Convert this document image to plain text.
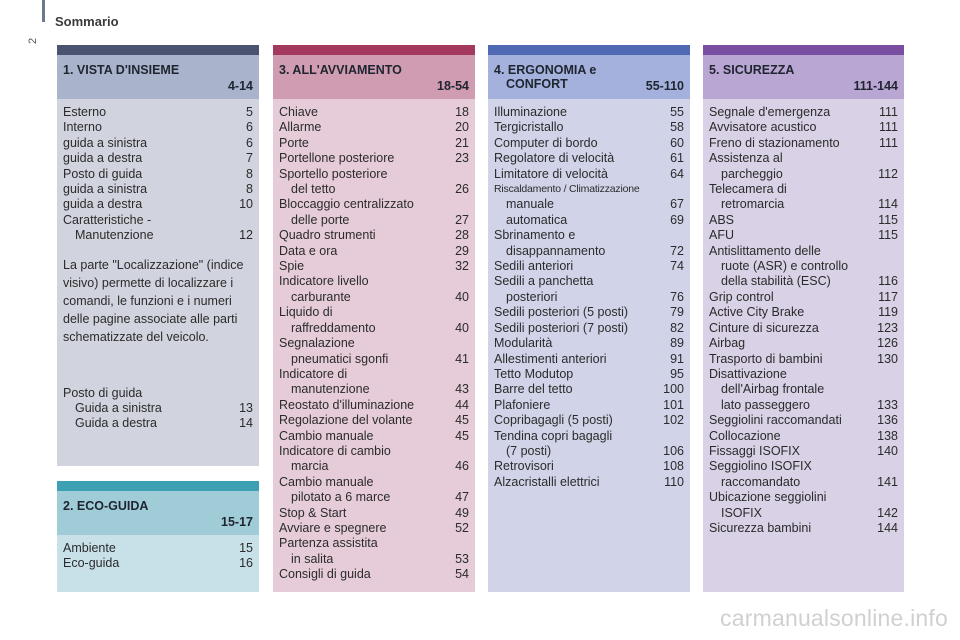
Sommario
2
1. VISTA D'INSIEME
4-14
Esterno	5
Interno	6
guida a sinistra	6
guida a destra	7
Posto di guida	8
guida a sinistra	8
guida a destra	10
Caratteristiche -
Manutenzione	12
La parte "Localizzazione" (indice visivo) permette di localizzare i comandi, le funzioni e i numeri delle pagine associate alle parti schematizzate del veicolo.
Posto di guida
Guida a sinistra	13
Guida a destra	14
2. ECO-GUIDA
15-17
Ambiente	15
Eco-guida	16
3. ALL'AVVIAMENTO
18-54
Chiave	18
Allarme	20
Porte	21
Portellone posteriore	23
Sportello posteriore
del tetto	26
Bloccaggio centralizzato
delle porte	27
Quadro strumenti	28
Data e ora	29
Spie	32
Indicatore livello
carburante	40
Liquido di
raffreddamento	40
Segnalazione
pneumatici sgonfi	41
Indicatore di
manutenzione	43
Reostato d'illuminazione	44
Regolazione del volante	45
Cambio manuale	45
Indicatore di cambio
marcia	46
Cambio manuale
pilotato a 6 marce	47
Stop & Start	49
Avviare e spegnere	52
Partenza assistita
in salita	53
Consigli di guida	54
4. ERGONOMIA e
CONFORT	55-110
Illuminazione	55
Tergicristallo	58
Computer di bordo	60
Regolatore di velocità	61
Limitatore di velocità	64
Riscaldamento / Climatizzazione
manuale	67
automatica	69
Sbrinamento e
disappannamento	72
Sedili anteriori	74
Sedili a panchetta
posteriori	76
Sedili posteriori (5 posti)	79
Sedili posteriori (7 posti)	82
Modularità	89
Allestimenti anteriori	91
Tetto Modutop	95
Barre del tetto	100
Plafoniere	101
Copribagagli (5 posti)	102
Tendina copri bagagli
(7 posti)	106
Retrovisori	108
Alzacristalli elettrici	110
5. SICUREZZA
111-144
Segnale d'emergenza	111
Avvisatore acustico	111
Freno di stazionamento	111
Assistenza al
parcheggio	112
Telecamera di
retromarcia	114
ABS	115
AFU	115
Antislittamento delle
ruote (ASR) e controllo
della stabilità (ESC)	116
Grip control	117
Active City Brake	119
Cinture di sicurezza	123
Airbag	126
Trasporto di bambini	130
Disattivazione
dell'Airbag frontale
lato passeggero	133
Seggiolini raccomandati	136
Collocazione	138
Fissaggi ISOFIX	140
Seggiolino ISOFIX
raccomandato	141
Ubicazione seggiolini
ISOFIX	142
Sicurezza bambini	144
carmanualsonline.info
